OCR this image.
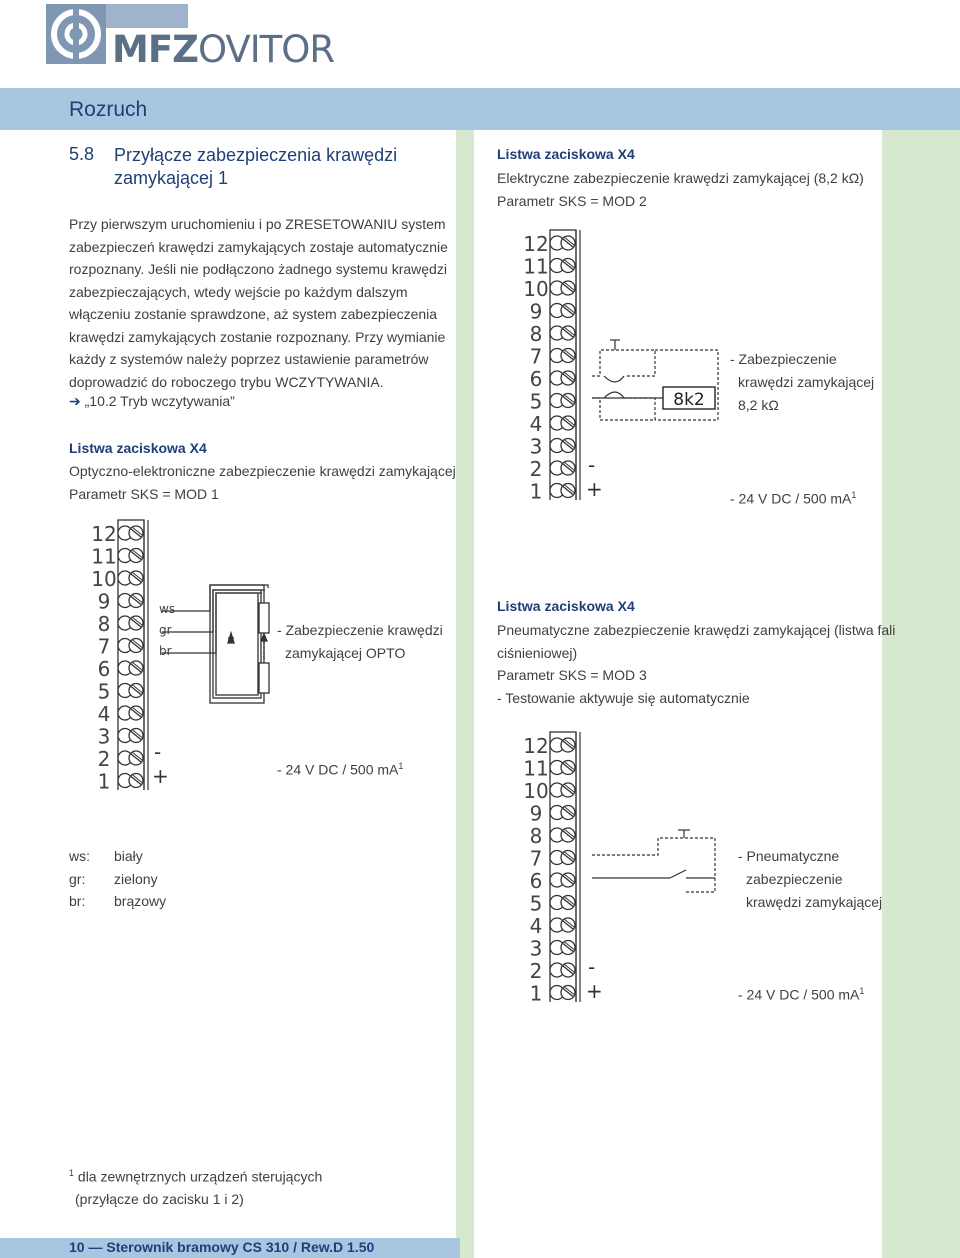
MFZOVITOR
Rozruch
5.8 Przyłącze zabezpieczenia krawędzi zamykającej 1
Przy pierwszym uruchomieniu i po ZRESETOWANIU system zabezpieczeń krawędzi zamykających zostaje automatycznie rozpoznany. Jeśli nie podłączono żadnego systemu krawędzi zabezpieczających, wtedy wejście po każdym dalszym włączeniu zostanie sprawdzone, aż system zabezpieczenia krawędzi zamykających zostanie rozpoznany. Przy wymianie każdy z systemów należy poprzez ustawienie parametrów doprowadzić do roboczego trybu WCZYTYWANIA.
➔ „10.2 Tryb wczytywania”
Listwa zaciskowa X4
Optyczno-elektroniczne zabezpieczenie krawędzi zamykającej
Parametr SKS = MOD 1
12
11
10
9
8
7
6
5
4
3
2
1
ws
gr
br
-
+
- Zabezpieczenie krawędzi
zamykającej OPTO
- 24 V DC / 500 $mA^1$
ws: biały
gr: zielony
br: brązowy
Listwa zaciskowa X4
Elektryczne zabezpieczenie krawędzi zamykającej (8,2 kΩ)
Parametr SKS = MOD 2
12
11
10
9
8
7
6
5
4
3
2
1
8k2
-
+
- Zabezpieczenie
krawędzi zamykającej
8,2 kΩ
- 24 V DC / 500 $mA^1$
Listwa zaciskowa X4
Pneumatyczne zabezpieczenie krawędzi zamykającej (listwa fali
ciśnieniowej)
Parametr SKS = MOD 3
- Testowanie aktywuje się automatycznie
12
11
10
9
8
7
6
5
4
3
2
1
-
+
- Pneumatyczne
zabezpieczenie
krawędzi zamykającej
- 24 V DC / 500 $mA^1$
$^1$ dla zewnętrznych urządzeń sterujących
(przyłącze do zacisku 1 i 2)
10 — Sterownik bramowy CS 310 / Rew.D 1.50
